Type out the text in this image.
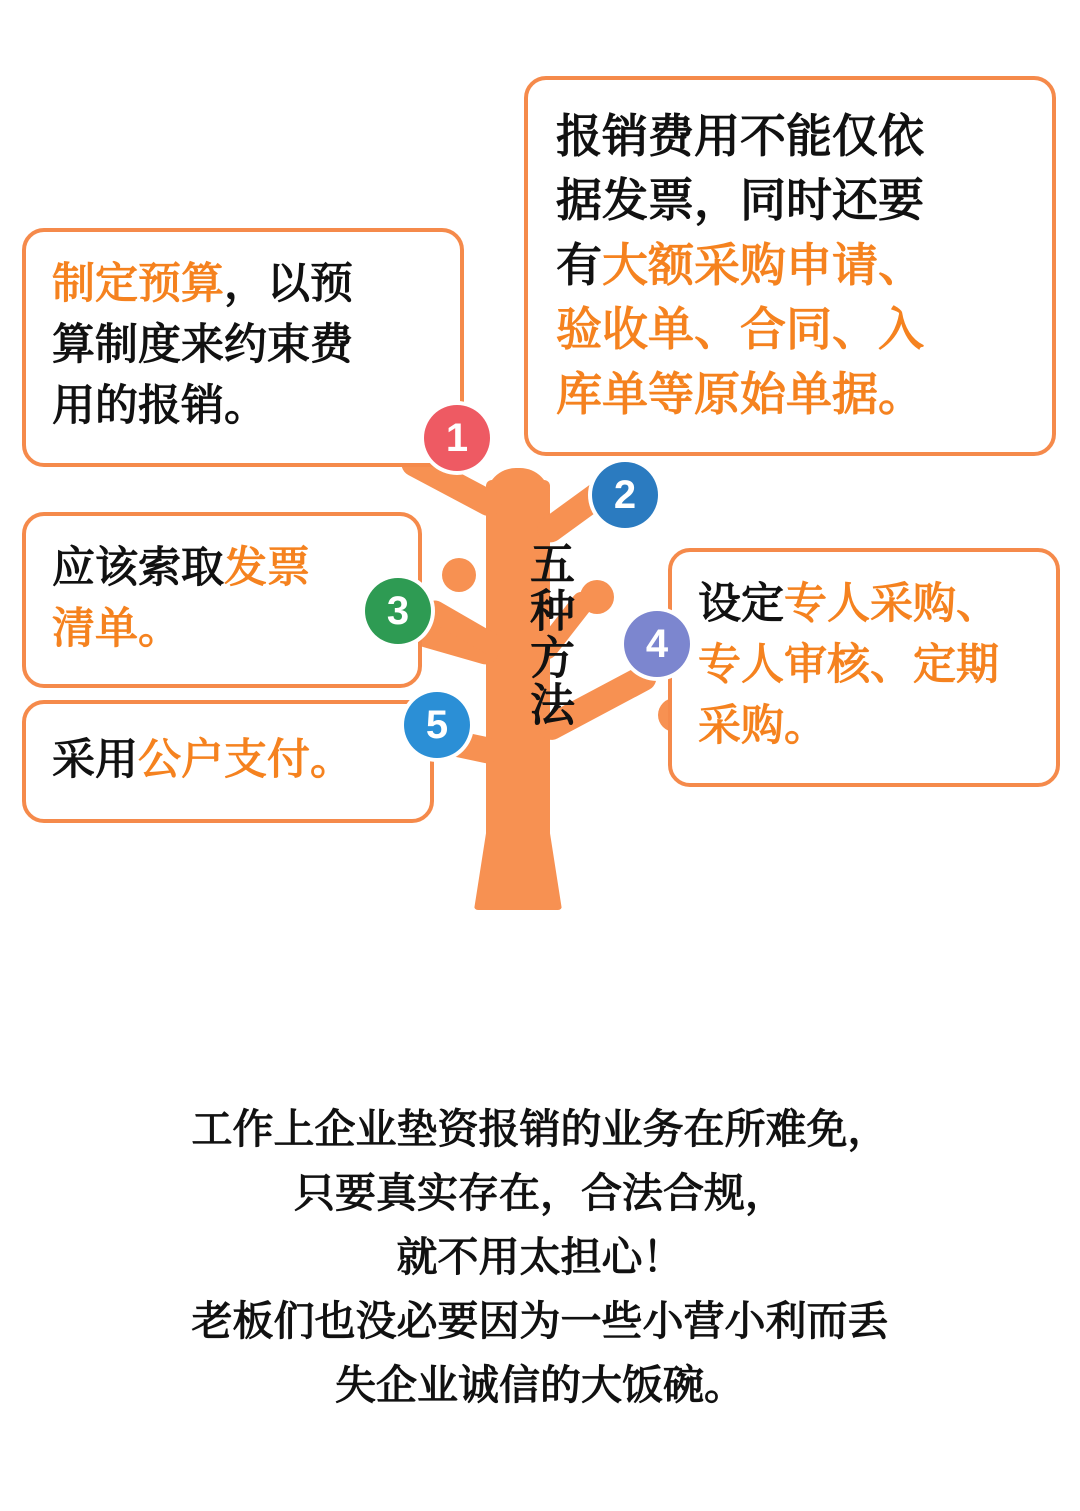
五种方法
1
2
3
4
5
制定预算，以预
算制度来约束费
用的报销。
报销费用不能仅依
据发票，同时还要
有大额采购申请、
验收单、合同、入
库单等原始单据。
应该索取发票
清单。
设定专人采购、
专人审核、定期
采购。
采用公户支付。
工作上企业垫资报销的业务在所难免，
只要真实存在，合法合规，
就不用太担心！
老板们也没必要因为一些小营小利而丢
失企业诚信的大饭碗。
